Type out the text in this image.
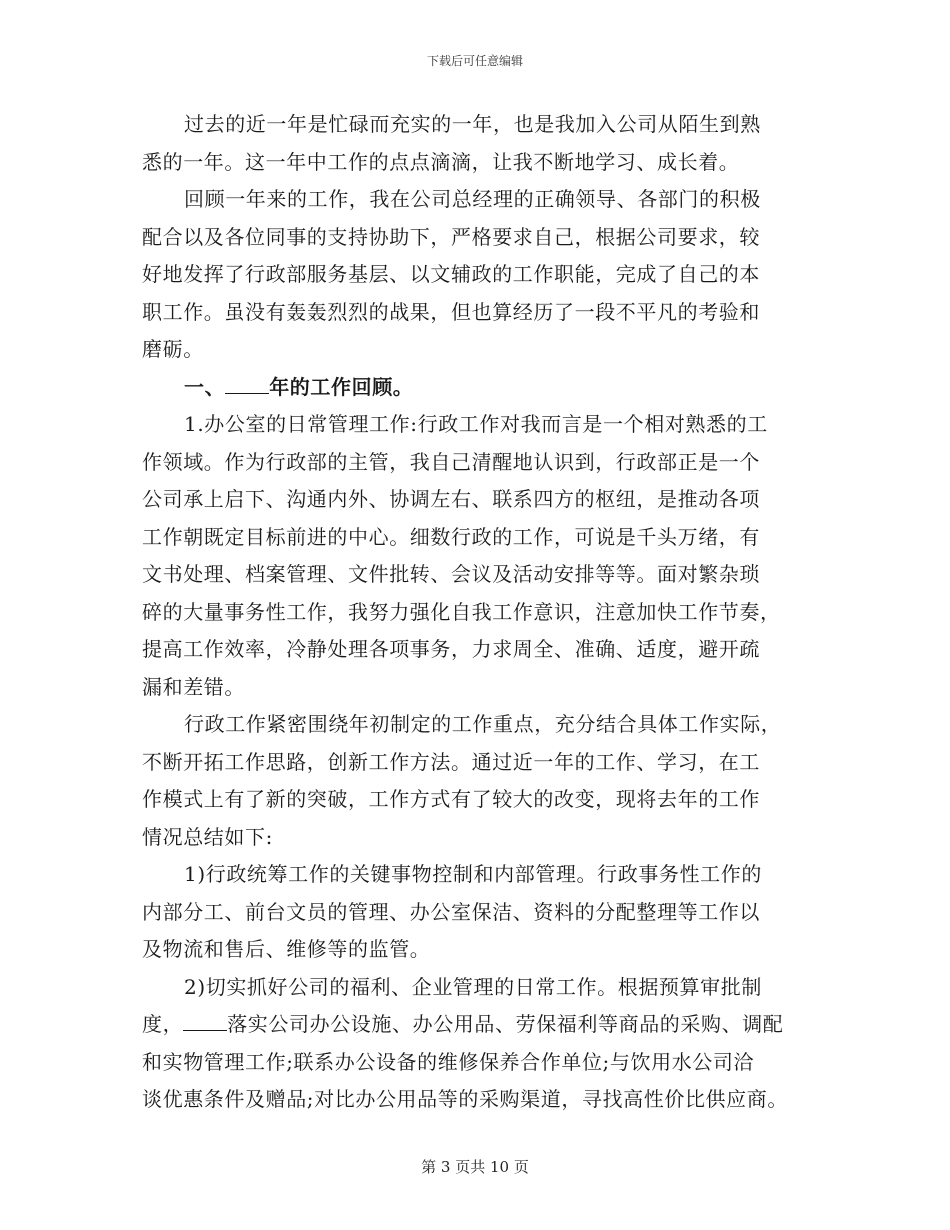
下载后可任意编辑
过去的近一年是忙碌而充实的一年，也是我加入公司从陌生到熟
悉的一年。这一年中工作的点点滴滴，让我不断地学习、成长着。
回顾一年来的工作，我在公司总经理的正确领导、各部门的积极
配合以及各位同事的支持协助下，严格要求自己，根据公司要求，较
好地发挥了行政部服务基层、以文辅政的工作职能，完成了自己的本
职工作。虽没有轰轰烈烈的战果，但也算经历了一段不平凡的考验和
磨砺。
一、 年的工作回顾。
1.办公室的日常管理工作:行政工作对我而言是一个相对熟悉的工
作领域。作为行政部的主管，我自己清醒地认识到，行政部正是一个
公司承上启下、沟通内外、协调左右、联系四方的枢纽，是推动各项
工作朝既定目标前进的中心。细数行政的工作，可说是千头万绪，有
文书处理、档案管理、文件批转、会议及活动安排等等。面对繁杂琐
碎的大量事务性工作，我努力强化自我工作意识，注意加快工作节奏，
提高工作效率，冷静处理各项事务，力求周全、准确、适度，避开疏
漏和差错。
行政工作紧密围绕年初制定的工作重点，充分结合具体工作实际，
不断开拓工作思路，创新工作方法。通过近一年的工作、学习，在工
作模式上有了新的突破，工作方式有了较大的改变，现将去年的工作
情况总结如下:
1)行政统筹工作的关键事物控制和内部管理。行政事务性工作的
内部分工、前台文员的管理、办公室保洁、资料的分配整理等工作以
及物流和售后、维修等的监管。
2)切实抓好公司的福利、企业管理的日常工作。根据预算审批制
度， 落实公司办公设施、办公用品、劳保福利等商品的采购、调配
和实物管理工作;联系办公设备的维修保养合作单位;与饮用水公司洽
谈优惠条件及赠品;对比办公用品等的采购渠道，寻找高性价比供应商。
第 3 页共 10 页
